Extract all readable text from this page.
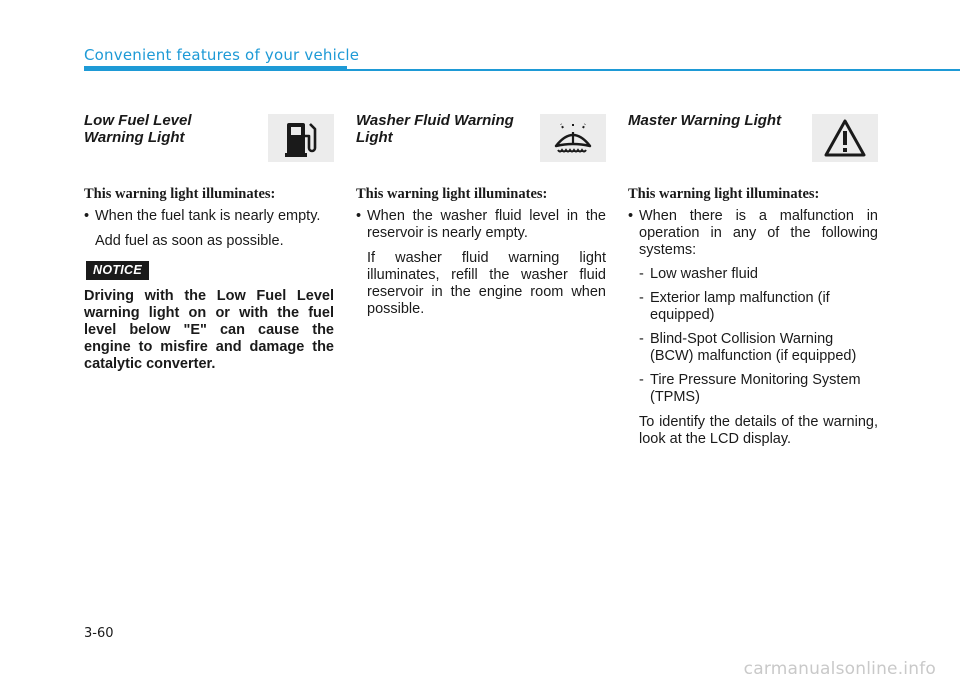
Convenient features of your vehicle
Low Fuel Level Warning Light
This warning light illuminates:
• When the fuel tank is nearly empty.
Add fuel as soon as possible.
NOTICE
Driving with the Low Fuel Level warning light on or with the fuel level below "E" can cause the engine to misfire and damage the catalytic converter.
Washer Fluid Warning Light
This warning light illuminates:
• When the washer fluid level in the reservoir is nearly empty.
If washer fluid warning light illuminates, refill the washer fluid reservoir in the engine room when possible.
Master Warning Light
This warning light illuminates:
• When there is a malfunction in operation in any of the following systems:
- Low washer fluid
- Exterior lamp malfunction (if equipped)
- Blind-Spot Collision Warning (BCW) malfunction (if equipped)
- Tire Pressure Monitoring System (TPMS)
To identify the details of the warning, look at the LCD display.
3-60
carmanualsonline.info
